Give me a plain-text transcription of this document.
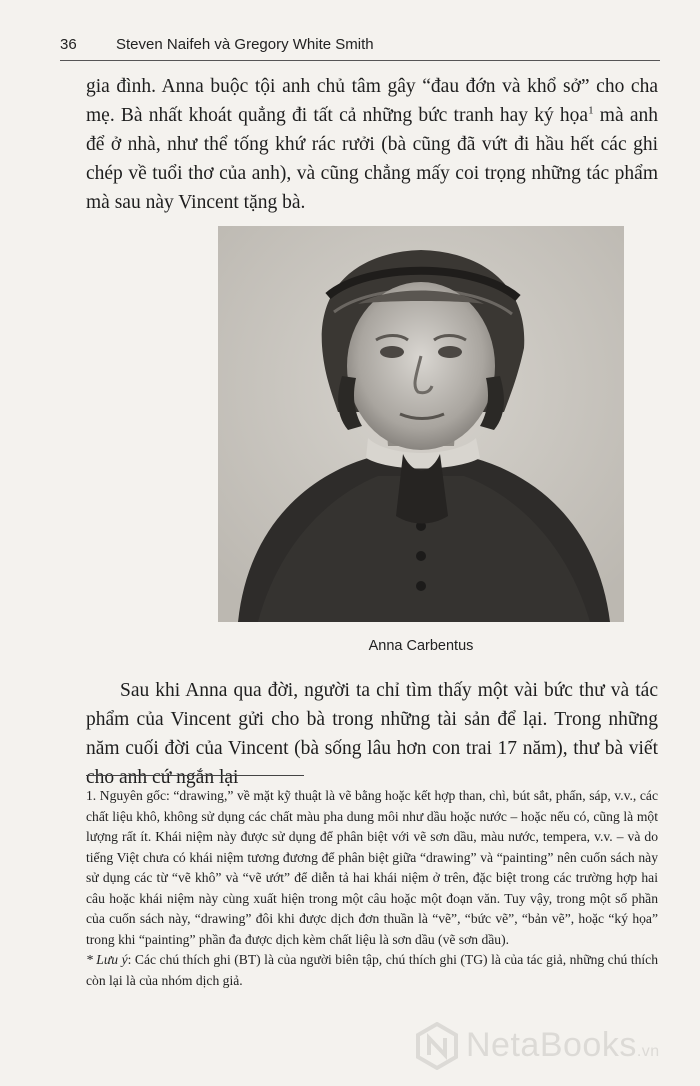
36	Steven Naifeh và Gregory White Smith
gia đình. Anna buộc tội anh chủ tâm gây “đau đớn và khổ sở” cho cha mẹ. Bà nhất khoát quẳng đi tất cả những bức tranh hay ký họa$^1$ mà anh để ở nhà, như thể tống khứ rác rưởi (bà cũng đã vứt đi hầu hết các ghi chép về tuổi thơ của anh), và cũng chẳng mấy coi trọng những tác phẩm mà sau này Vincent tặng bà.
Anna Carbentus
Sau khi Anna qua đời, người ta chỉ tìm thấy một vài bức thư và tác phẩm của Vincent gửi cho bà trong những tài sản để lại. Trong những năm cuối đời của Vincent (bà sống lâu hơn con trai 17 năm), thư bà viết cho anh cứ ngắn lại

1. Nguyên gốc: “drawing,” về mặt kỹ thuật là vẽ bằng hoặc kết hợp than, chì, bút sắt, phấn, sáp, v.v., các chất liệu khô, không sử dụng các chất màu pha dung môi như dầu hoặc nước – hoặc nếu có, cũng là một lượng rất ít. Khái niệm này được sử dụng để phân biệt với vẽ sơn dầu, màu nước, tempera, v.v. – và do tiếng Việt chưa có khái niệm tương đương để phân biệt giữa “drawing” và “painting” nên cuốn sách này sử dụng các từ “vẽ khô” và “vẽ ướt” để diễn tả hai khái niệm ở trên, đặc biệt trong các trường hợp hai câu hoặc khái niệm này cùng xuất hiện trong một câu hoặc một đoạn văn. Tuy vậy, trong một số phần của cuốn sách này, “drawing” đôi khi được dịch đơn thuần là “vẽ”, “bức vẽ”, “bản vẽ”, hoặc “ký họa” trong khi “painting” phần đa được dịch kèm chất liệu là sơn dầu (vẽ sơn dầu).

* Lưu ý: Các chú thích ghi (BT) là của người biên tập, chú thích ghi (TG) là của tác giả, những chú thích còn lại là của nhóm dịch giả.

NetaBooks.vn
